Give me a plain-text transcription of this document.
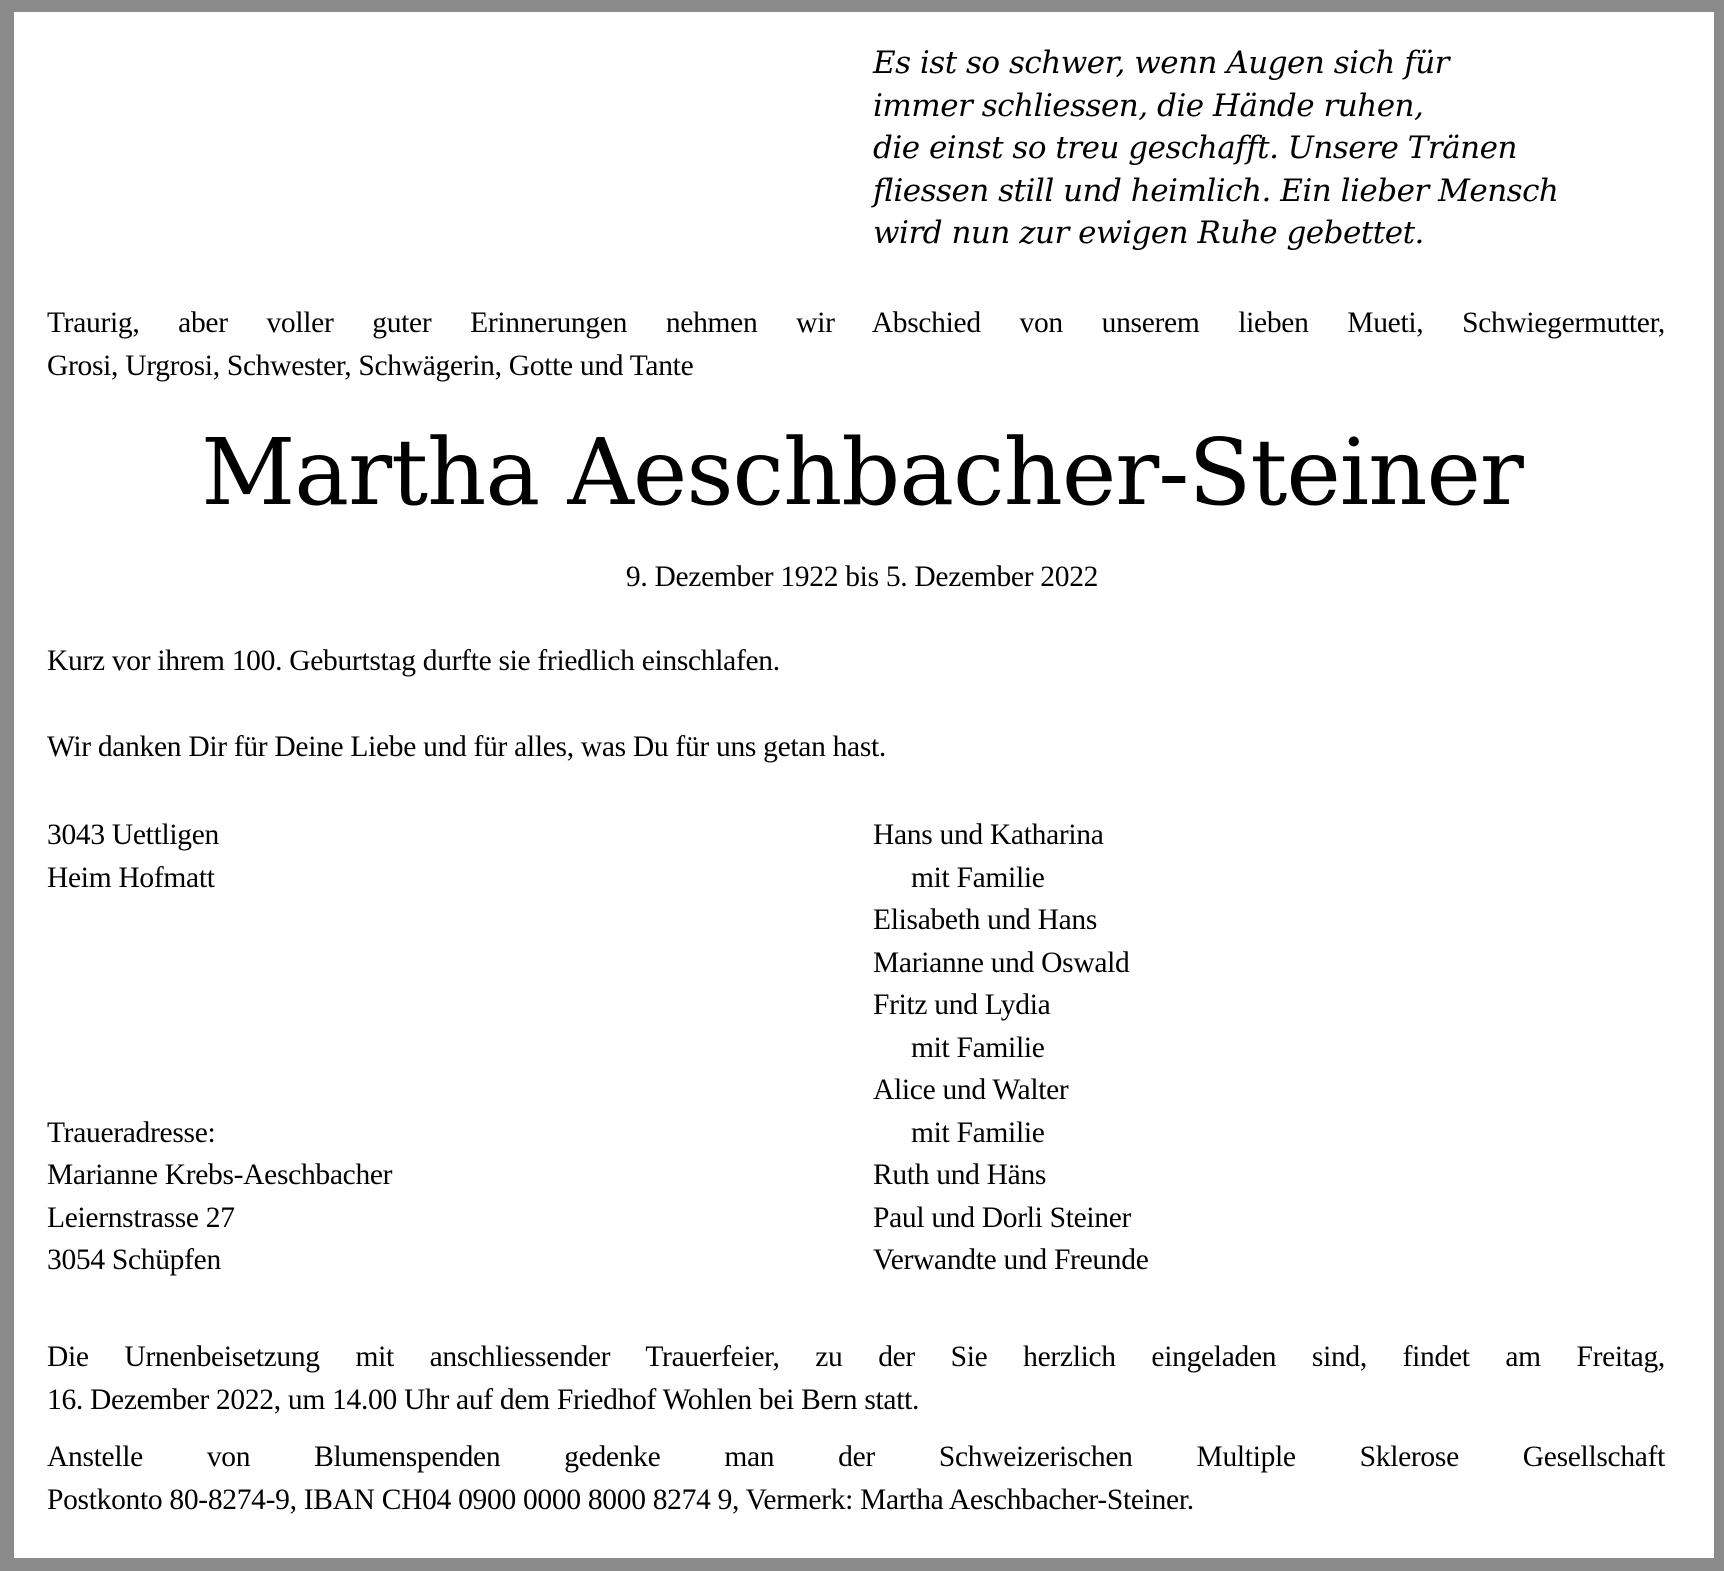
Es ist so schwer, wenn Augen sich für
immer schliessen, die Hände ruhen,
die einst so treu geschafft. Unsere Tränen
fliessen still und heimlich. Ein lieber Mensch
wird nun zur ewigen Ruhe gebettet.
Traurig, aber voller guter Erinnerungen nehmen wir Abschied von unserem lieben Mueti, Schwiegermutter,
Grosi, Urgrosi, Schwester, Schwägerin, Gotte und Tante
Martha Aeschbacher-Steiner
9. Dezember 1922 bis 5. Dezember 2022
Kurz vor ihrem 100. Geburtstag durfte sie friedlich einschlafen.
Wir danken Dir für Deine Liebe und für alles, was Du für uns getan hast.
3043 Uettligen
Heim Hofmatt
Traueradresse:
Marianne Krebs-Aeschbacher
Leiernstrasse 27
3054 Schüpfen
Hans und Katharina
mit Familie
Elisabeth und Hans
Marianne und Oswald
Fritz und Lydia
mit Familie
Alice und Walter
mit Familie
Ruth und Häns
Paul und Dorli Steiner
Verwandte und Freunde
Die Urnenbeisetzung mit anschliessender Trauerfeier, zu der Sie herzlich eingeladen sind, findet am Freitag,
16. Dezember 2022, um 14.00 Uhr auf dem Friedhof Wohlen bei Bern statt.
Anstelle von Blumenspenden gedenke man der Schweizerischen Multiple Sklerose Gesellschaft
Postkonto 80-8274-9, IBAN CH04 0900 0000 8000 8274 9, Vermerk: Martha Aeschbacher-Steiner.
